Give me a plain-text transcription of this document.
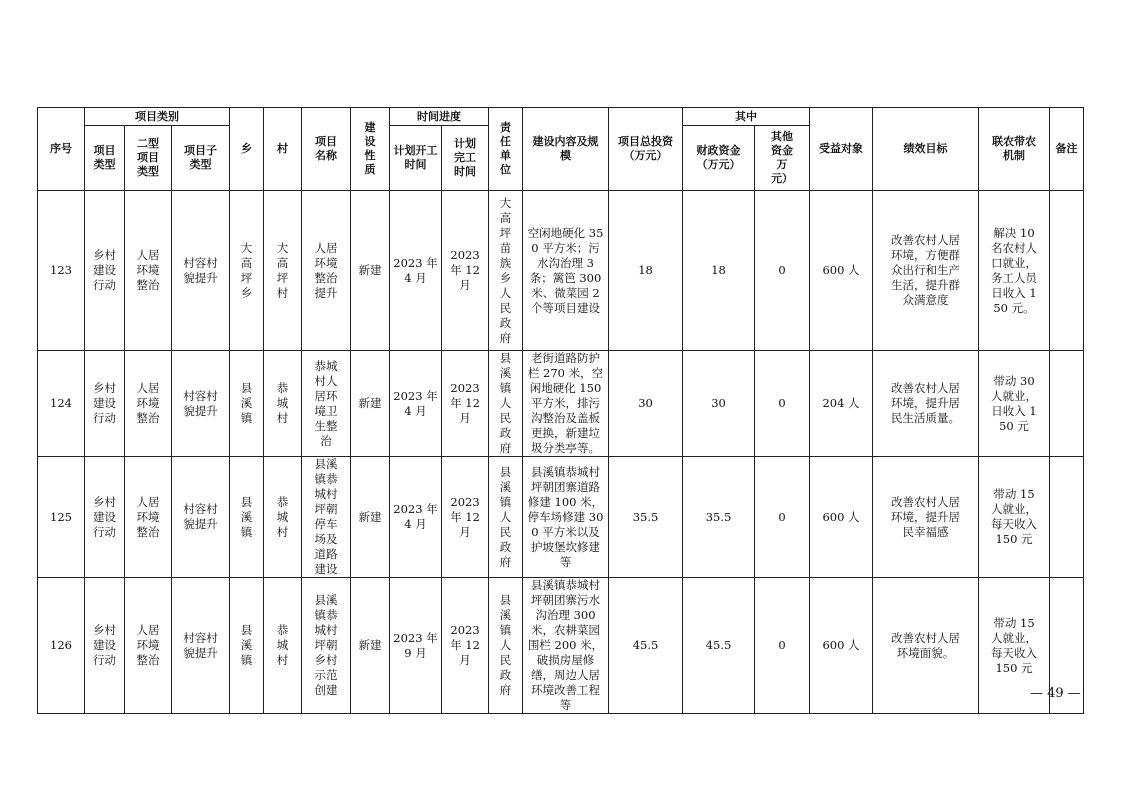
序号	项目类别			乡	村	项目名称	建设性质	时间进度		责任单位	建设内容及规模	项目总投资（万元）	其中		受益对象	绩效目标	联农带农机制	备注

	项目类型	二型项目类型	项目子类型					计划开工时间	计划完工时间				财政资金（万元）	其他资金万元）				

123	乡村建设行动	人居环境整治	村容村貌提升	大高坪乡	大高坪村	人居环境整治提升	新建	2023 年 4 月	2023 年 12 月	大高坪苗族乡人民政府	空闲地硬化 350 平方米；污水沟治理 3 条；篱笆 300 米、微菜园 2 个等项目建设	18	18	0	600 人	改善农村人居环境，方便群众出行和生产生活，提升群众满意度	解决 10 名农村人口就业，务工人员日收入 150 元。	

124	乡村建设行动	人居环境整治	村容村貌提升	县溪镇	恭城村	恭城村人居环境卫生整治	新建	2023 年 4 月	2023 年 12 月	县溪镇人民政府	老街道路防护栏 270 米，空闲地硬化 150 平方米，排污沟整治及盖板更换，新建垃圾分类亭等。	30	30	0	204 人	改善农村人居环境，提升居民生活质量。	带动 30 人就业，日收入 150 元	

125	乡村建设行动	人居环境整治	村容村貌提升	县溪镇	恭城村	县溪镇恭城村坪朝停车场及道路建设	新建	2023 年 4 月	2023 年 12 月	县溪镇人民政府	县溪镇恭城村坪朝团寨道路修建 100 米，停车场修建 300 平方米以及护坡堡坎修建等	35.5	35.5	0	600 人	改善农村人居环境，提升居民幸福感	带动 15 人就业，每天收入 150 元	

126	乡村建设行动	人居环境整治	村容村貌提升	县溪镇	恭城村	县溪镇恭城村坪朝乡村示范创建	新建	2023 年 9 月	2023 年 12 月	县溪镇人民政府	县溪镇恭城村坪朝团寨污水沟治理 300 米，农耕菜园围栏 200 米，破损房屋修缮，周边人居环境改善工程等	45.5	45.5	0	600 人	改善农村人居环境面貌。	带动 15 人就业，每天收入 150 元	

— 49 —
